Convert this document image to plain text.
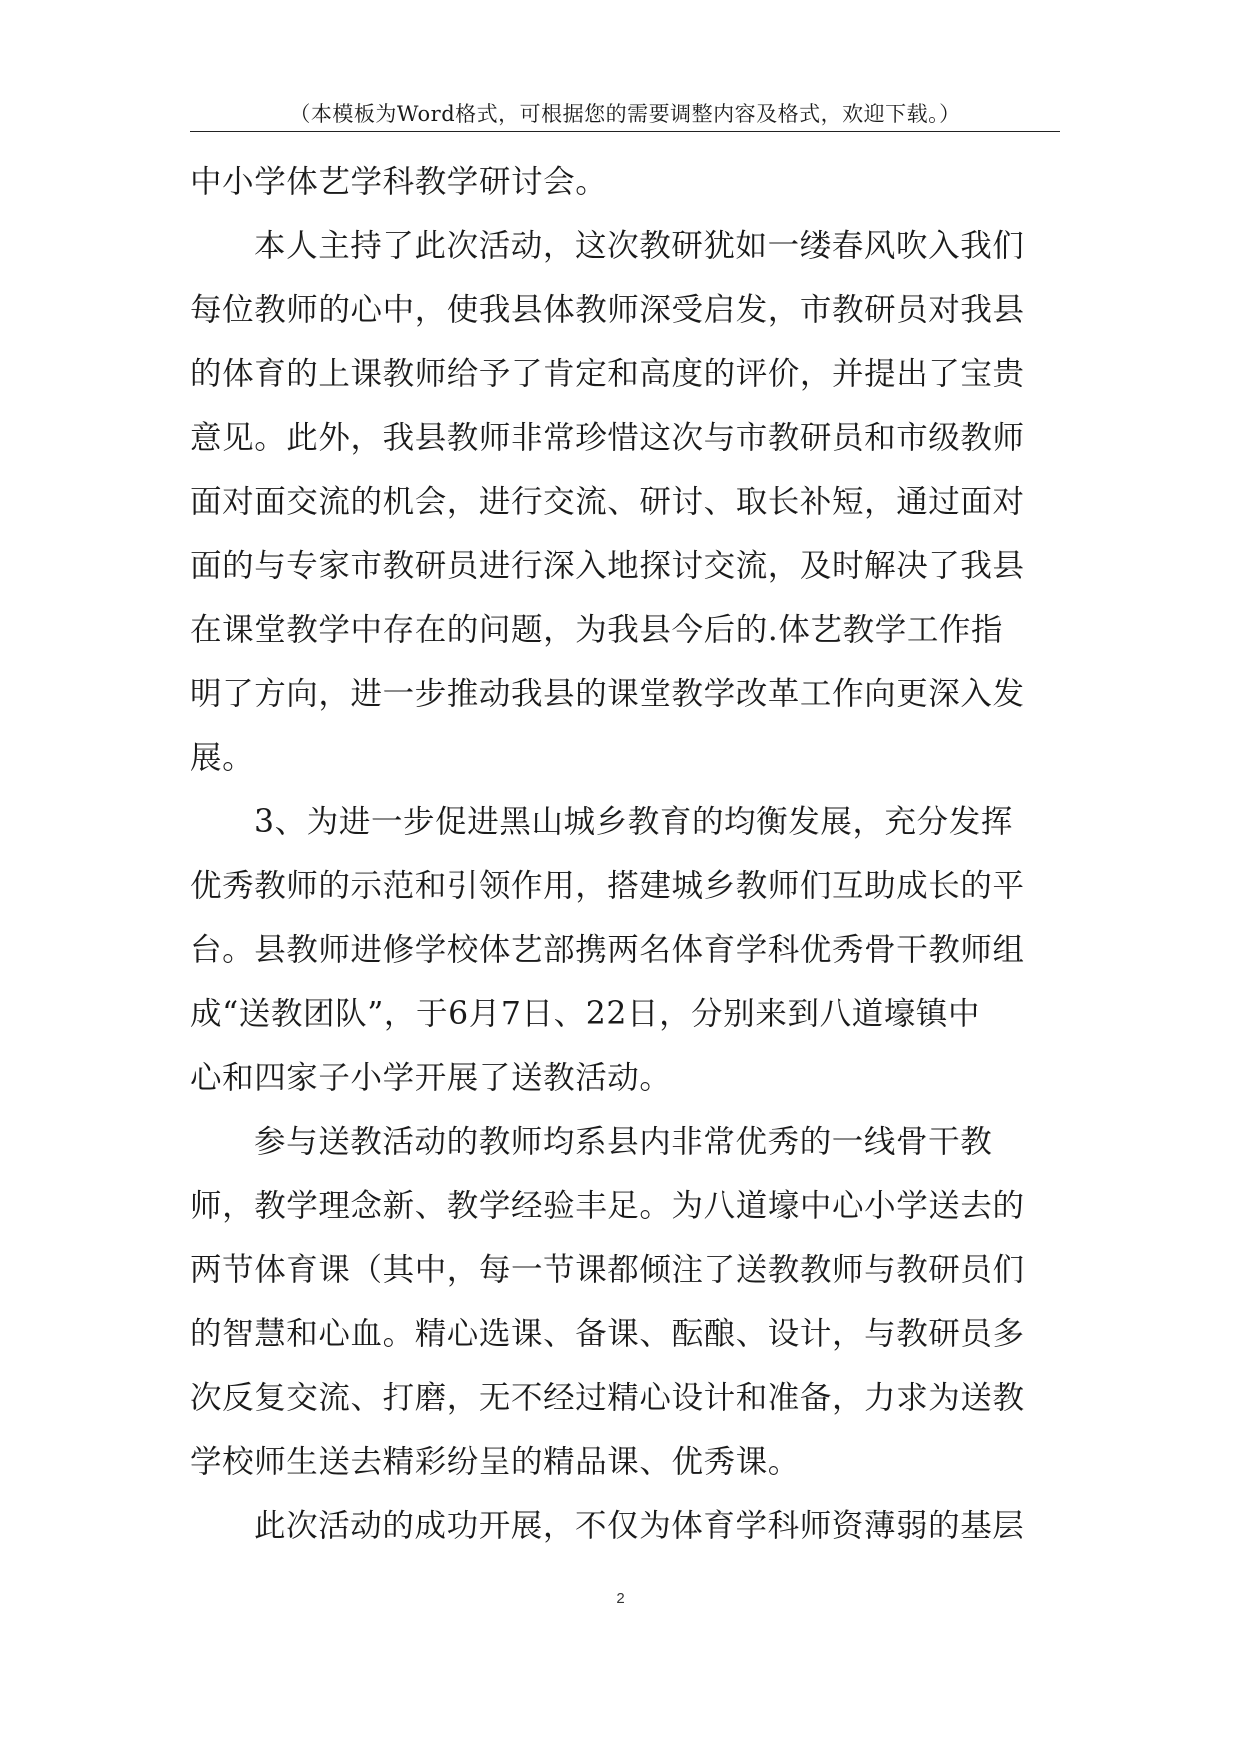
（本模板为Word格式，可根据您的需要调整内容及格式，欢迎下载。）
中小学体艺学科教学研讨会。
本人主持了此次活动，这次教研犹如一缕春风吹入我们
每位教师的心中，使我县体教师深受启发，市教研员对我县
的体育的上课教师给予了肯定和高度的评价，并提出了宝贵
意见。此外，我县教师非常珍惜这次与市教研员和市级教师
面对面交流的机会，进行交流、研讨、取长补短，通过面对
面的与专家市教研员进行深入地探讨交流，及时解决了我县
在课堂教学中存在的问题，为我县今后的.体艺教学工作指
明了方向，进一步推动我县的课堂教学改革工作向更深入发
展。
3、为进一步促进黑山城乡教育的均衡发展，充分发挥
优秀教师的示范和引领作用，搭建城乡教师们互助成长的平
台。县教师进修学校体艺部携两名体育学科优秀骨干教师组
成“送教团队”，于6月7日、22日，分别来到八道壕镇中
心和四家子小学开展了送教活动。
参与送教活动的教师均系县内非常优秀的一线骨干教
师，教学理念新、教学经验丰足。为八道壕中心小学送去的
两节体育课（其中，每一节课都倾注了送教教师与教研员们
的智慧和心血。精心选课、备课、酝酿、设计，与教研员多
次反复交流、打磨，无不经过精心设计和准备，力求为送教
学校师生送去精彩纷呈的精品课、优秀课。
此次活动的成功开展，不仅为体育学科师资薄弱的基层
2
